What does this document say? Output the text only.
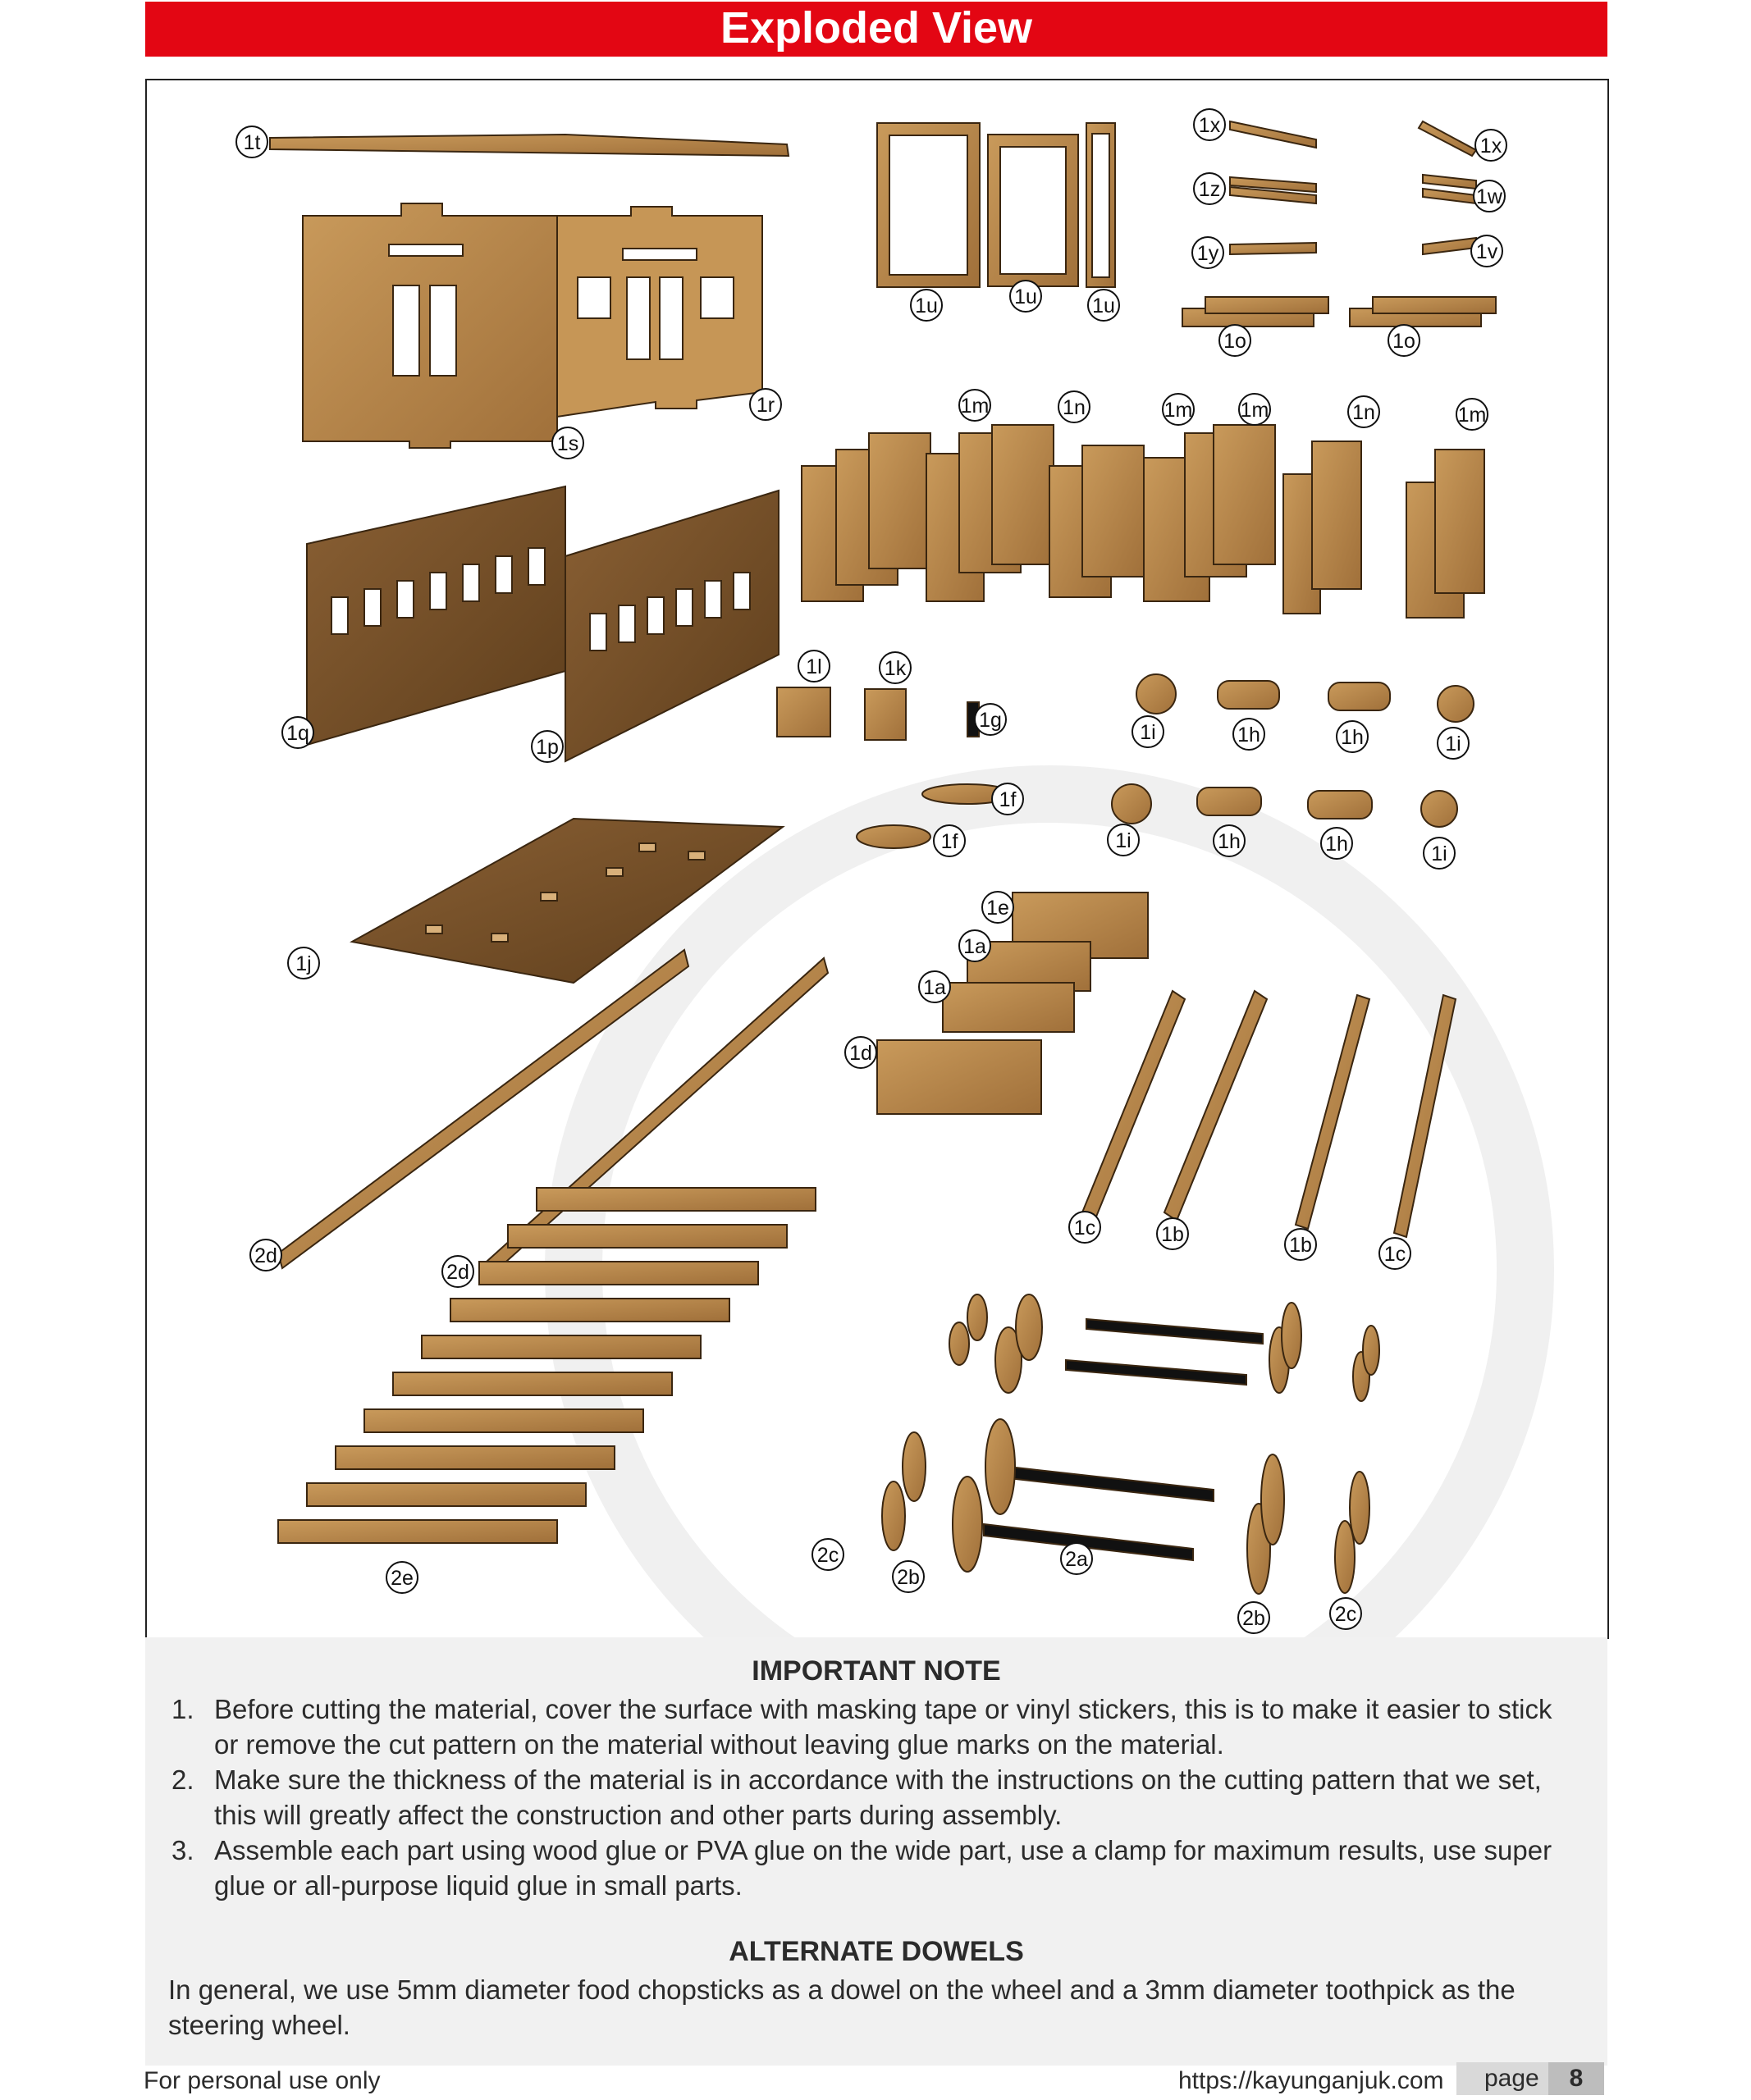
Exploded View
1t
1s
1r
1q
1p
1j
1u	1u	1u
1x
1x
1z	1w
1y	1v
1o	1o
1m	1n	1m 1m	1n	1m
1l	1k
1g
1i	1h	1h	1i
1i	1h	1h	1i
1f
1f
1e
1a
1a
1d
1c	1b	1b	1c
2d
2d
2e
2c
2b
2a
2b	2c
IMPORTANT NOTE
1. Before cutting the material, cover the surface with masking tape or vinyl stickers, this is to make it easier to stick or remove the cut pattern on the material without leaving glue marks on the material.
2. Make sure the thickness of the material is in accordance with the instructions on the cutting pattern that we set, this will greatly affect the construction and other parts during assembly.
3. Assemble each part using wood glue or PVA glue on the wide part, use a clamp for maximum results, use super glue or all-purpose liquid glue in small parts.
ALTERNATE DOWELS

In general, we use 5mm diameter food chopsticks as a dowel on the wheel and a 3mm diameter toothpick as the steering wheel.

For personal use only	https://kayunganjuk.com page	8
